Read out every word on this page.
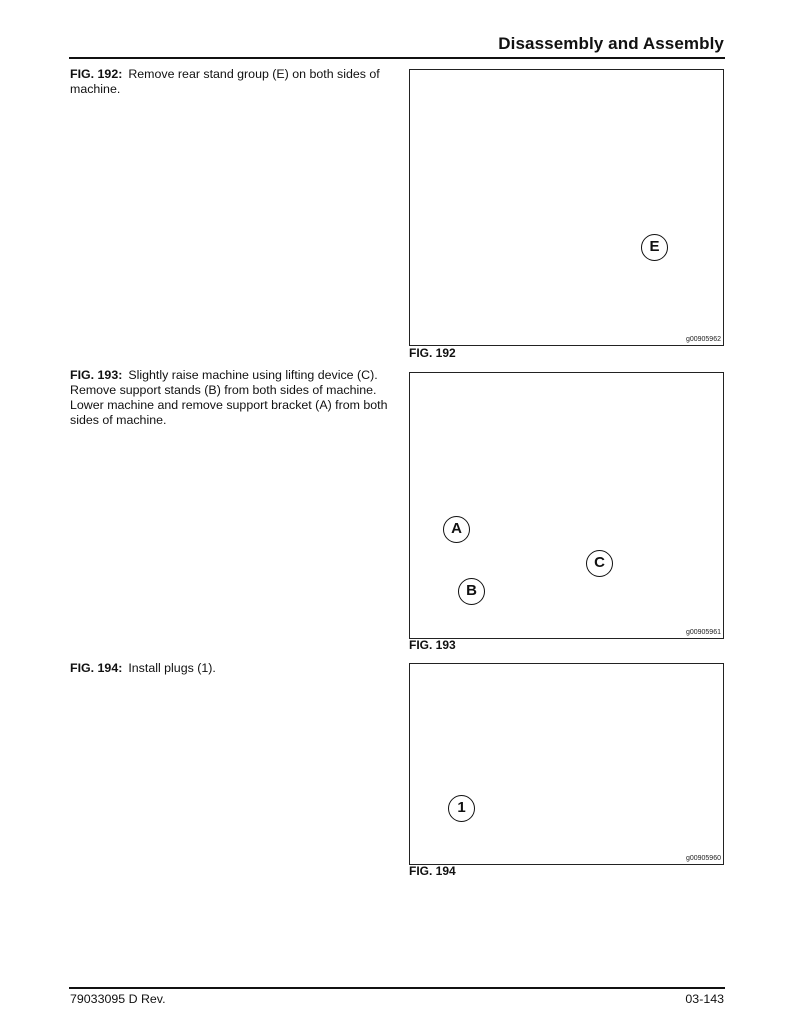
Disassembly and Assembly
FIG. 192: Remove rear stand group (E) on both sides of machine.
E
g00905962
FIG. 192
FIG. 193: Slightly raise machine using lifting device (C). Remove support stands (B) from both sides of machine. Lower machine and remove support bracket (A) from both sides of machine.
A
C
B
g00905961
FIG. 193
FIG. 194: Install plugs (1).
1
g00905960
FIG. 194
79033095 D Rev.	03-143
